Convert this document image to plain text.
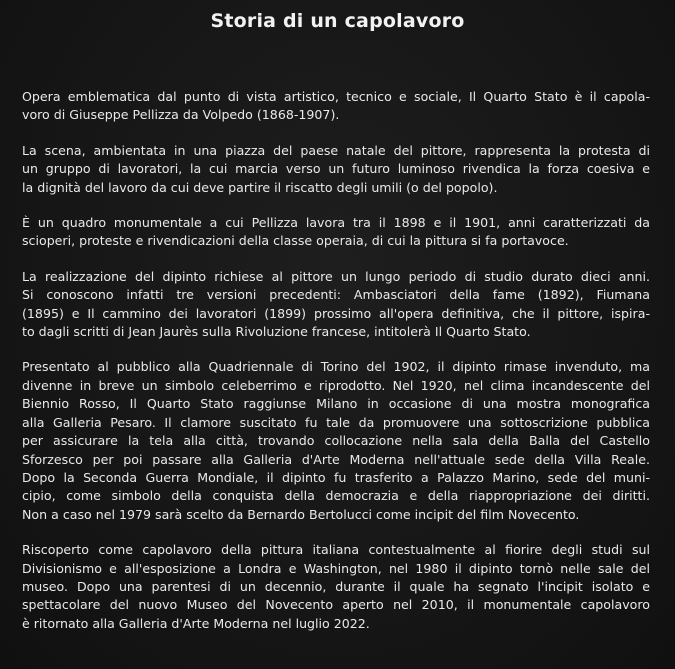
Storia di un capolavoro
Opera emblematica dal punto di vista artistico, tecnico e sociale, Il Quarto Stato è il capola-
voro di Giuseppe Pellizza da Volpedo (1868-1907).
La scena, ambientata in una piazza del paese natale del pittore, rappresenta la protesta di
un gruppo di lavoratori, la cui marcia verso un futuro luminoso rivendica la forza coesiva e
la dignità del lavoro da cui deve partire il riscatto degli umili (o del popolo).
È un quadro monumentale a cui Pellizza lavora tra il 1898 e il 1901, anni caratterizzati da
scioperi, proteste e rivendicazioni della classe operaia, di cui la pittura si fa portavoce.
La realizzazione del dipinto richiese al pittore un lungo periodo di studio durato dieci anni.
Si conoscono infatti tre versioni precedenti: Ambasciatori della fame (1892), Fiumana
(1895) e Il cammino dei lavoratori (1899) prossimo all'opera definitiva, che il pittore, ispira-
to dagli scritti di Jean Jaurès sulla Rivoluzione francese, intitolerà Il Quarto Stato.
Presentato al pubblico alla Quadriennale di Torino del 1902, il dipinto rimase invenduto, ma
divenne in breve un simbolo celeberrimo e riprodotto. Nel 1920, nel clima incandescente del
Biennio Rosso, Il Quarto Stato raggiunse Milano in occasione di una mostra monografica
alla Galleria Pesaro. Il clamore suscitato fu tale da promuovere una sottoscrizione pubblica
per assicurare la tela alla città, trovando collocazione nella sala della Balla del Castello
Sforzesco per poi passare alla Galleria d'Arte Moderna nell'attuale sede della Villa Reale.
Dopo la Seconda Guerra Mondiale, il dipinto fu trasferito a Palazzo Marino, sede del muni-
cipio, come simbolo della conquista della democrazia e della riappropriazione dei diritti.
Non a caso nel 1979 sarà scelto da Bernardo Bertolucci come incipit del film Novecento.
Riscoperto come capolavoro della pittura italiana contestualmente al fiorire degli studi sul
Divisionismo e all'esposizione a Londra e Washington, nel 1980 il dipinto tornò nelle sale del
museo. Dopo una parentesi di un decennio, durante il quale ha segnato l'incipit isolato e
spettacolare del nuovo Museo del Novecento aperto nel 2010, il monumentale capolavoro
è ritornato alla Galleria d'Arte Moderna nel luglio 2022.
